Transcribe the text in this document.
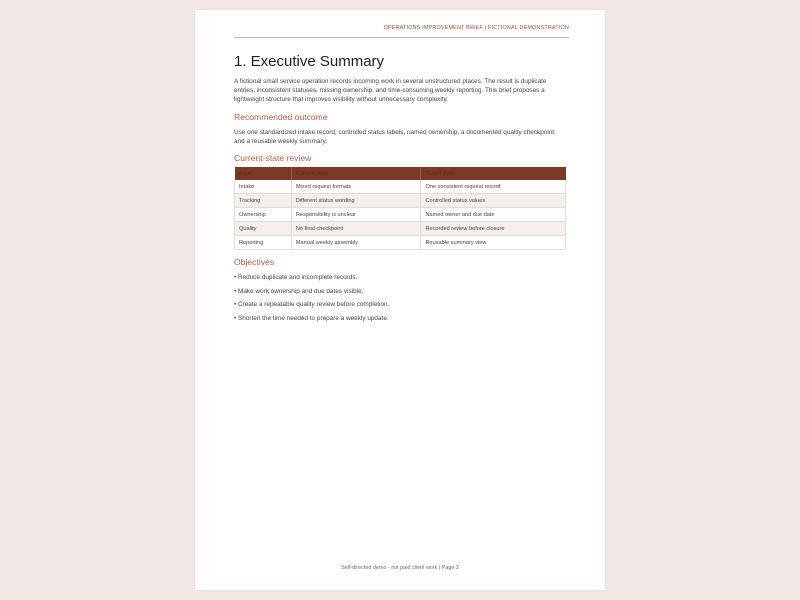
OPERATIONS IMPROVEMENT BRIEF | FICTIONAL DEMONSTRATION
1. Executive Summary

A fictional small service operation records incoming work in several unstructured places. The result is duplicate entries, inconsistent statuses, missing ownership, and time-consuming weekly reporting. This brief proposes a lightweight structure that improves visibility without unnecessary complexity.

Recommended outcome

Use one standardized intake record, controlled status labels, named ownership, a documented quality checkpoint, and a reusable weekly summary.

Current-state review
Area	Current state	Target state
Intake	Mixed request formats	One consistent request record
Tracking	Different status wording	Controlled status values
Ownership	Responsibility is unclear	Named owner and due date
Quality	No final checkpoint	Recorded review before closure
Reporting	Manual weekly assembly	Reusable summary view
Objectives
• Reduce duplicate and incomplete records.
• Make work ownership and due dates visible.
• Create a repeatable quality review before completion.
• Shorten the time needed to prepare a weekly update.
Self-directed demo - not paid client work | Page 2
